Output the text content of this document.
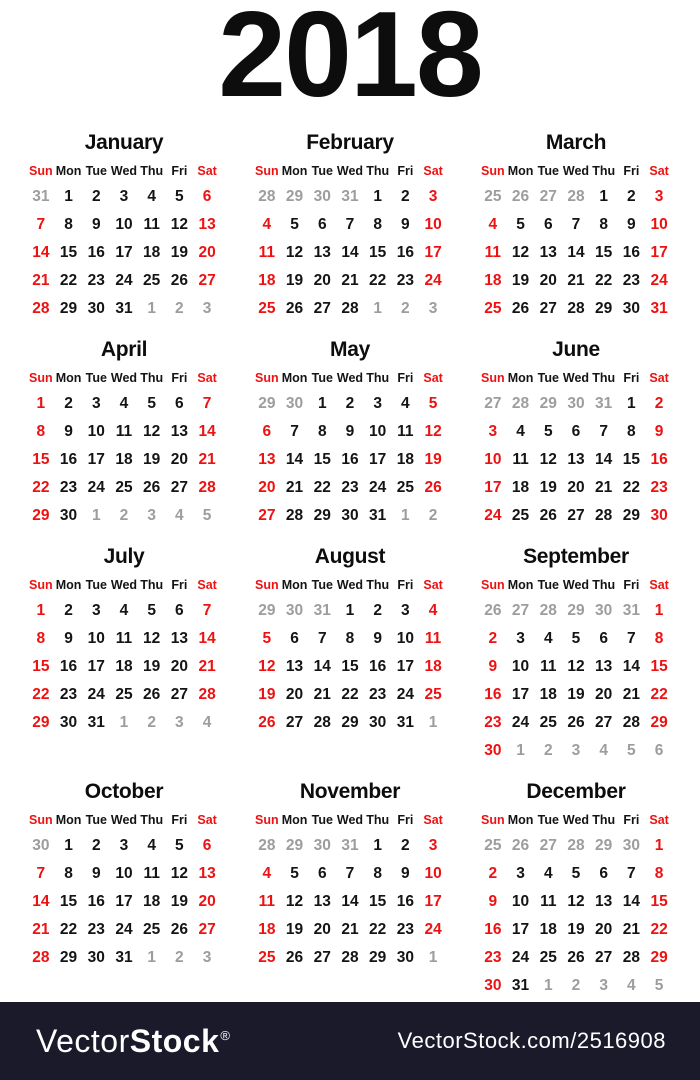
2018
January
Sun	Mon	Tue	Wed	Thu	Fri	Sat
31	1	2	3	4	5	6
7	8	9	10	11	12	13
14	15	16	17	18	19	20
21	22	23	24	25	26	27
28	29	30	31	1	2	3
February
Sun	Mon	Tue	Wed	Thu	Fri	Sat
28	29	30	31	1	2	3
4	5	6	7	8	9	10
11	12	13	14	15	16	17
18	19	20	21	22	23	24
25	26	27	28	1	2	3
March
Sun	Mon	Tue	Wed	Thu	Fri	Sat
25	26	27	28	1	2	3
4	5	6	7	8	9	10
11	12	13	14	15	16	17
18	19	20	21	22	23	24
25	26	27	28	29	30	31
April
Sun	Mon	Tue	Wed	Thu	Fri	Sat
1	2	3	4	5	6	7
8	9	10	11	12	13	14
15	16	17	18	19	20	21
22	23	24	25	26	27	28
29	30	1	2	3	4	5
May
Sun	Mon	Tue	Wed	Thu	Fri	Sat
29	30	1	2	3	4	5
6	7	8	9	10	11	12
13	14	15	16	17	18	19
20	21	22	23	24	25	26
27	28	29	30	31	1	2
June
Sun	Mon	Tue	Wed	Thu	Fri	Sat
27	28	29	30	31	1	2
3	4	5	6	7	8	9
10	11	12	13	14	15	16
17	18	19	20	21	22	23
24	25	26	27	28	29	30
July
Sun	Mon	Tue	Wed	Thu	Fri	Sat
1	2	3	4	5	6	7
8	9	10	11	12	13	14
15	16	17	18	19	20	21
22	23	24	25	26	27	28
29	30	31	1	2	3	4
August
Sun	Mon	Tue	Wed	Thu	Fri	Sat
29	30	31	1	2	3	4
5	6	7	8	9	10	11
12	13	14	15	16	17	18
19	20	21	22	23	24	25
26	27	28	29	30	31	1
September
Sun	Mon	Tue	Wed	Thu	Fri	Sat
26	27	28	29	30	31	1
2	3	4	5	6	7	8
9	10	11	12	13	14	15
16	17	18	19	20	21	22
23	24	25	26	27	28	29
30	1	2	3	4	5	6
October
Sun	Mon	Tue	Wed	Thu	Fri	Sat
30	1	2	3	4	5	6
7	8	9	10	11	12	13
14	15	16	17	18	19	20
21	22	23	24	25	26	27
28	29	30	31	1	2	3
November
Sun	Mon	Tue	Wed	Thu	Fri	Sat
28	29	30	31	1	2	3
4	5	6	7	8	9	10
11	12	13	14	15	16	17
18	19	20	21	22	23	24
25	26	27	28	29	30	1
December
Sun	Mon	Tue	Wed	Thu	Fri	Sat
25	26	27	28	29	30	1
2	3	4	5	6	7	8
9	10	11	12	13	14	15
16	17	18	19	20	21	22
23	24	25	26	27	28	29
30	31	1	2	3	4	5
VectorStock®	VectorStock.com/2516908
